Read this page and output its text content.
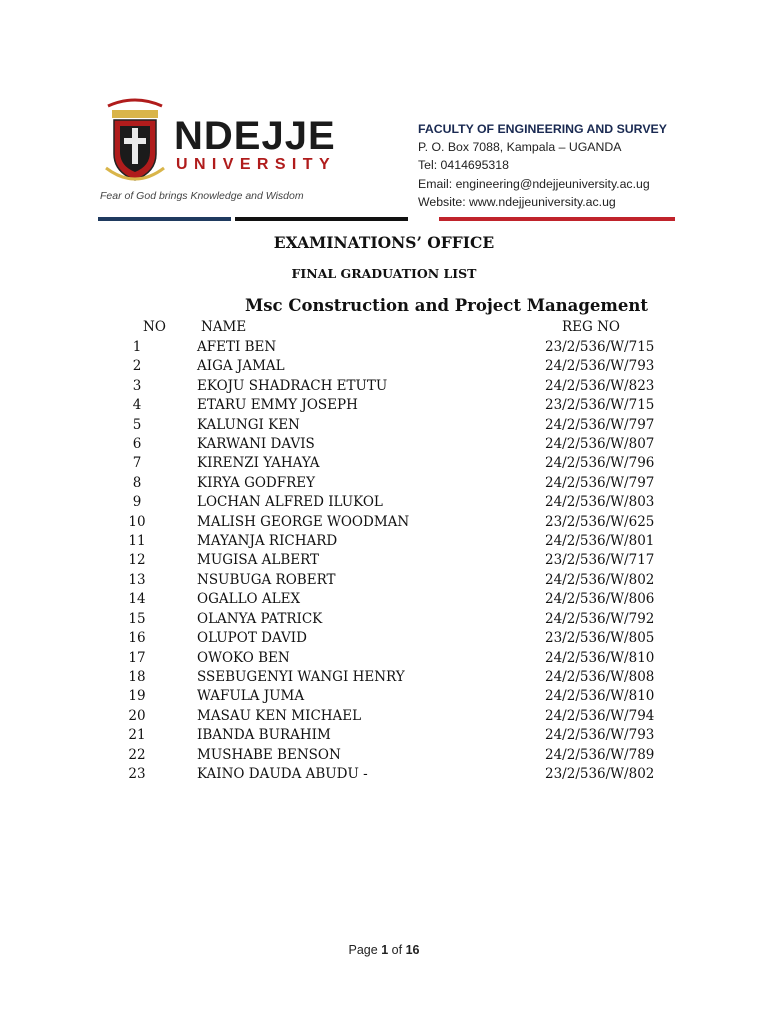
NDEJJE
UNIVERSITY
Fear of God brings Knowledge and Wisdom
FACULTY OF ENGINEERING AND SURVEY
P. O. Box 7088, Kampala – UGANDA
Tel: 0414695318
Email: engineering@ndejjeuniversity.ac.ug
Website: www.ndejjeuniversity.ac.ug
EXAMINATIONS’ OFFICE
FINAL GRADUATION LIST
Msc Construction and Project Management
NO	NAME	REG NO
1	AFETI BEN	23/2/536/W/715
2	AIGA JAMAL	24/2/536/W/793
3	EKOJU SHADRACH ETUTU	24/2/536/W/823
4	ETARU EMMY JOSEPH	23/2/536/W/715
5	KALUNGI KEN	24/2/536/W/797
6	KARWANI DAVIS	24/2/536/W/807
7	KIRENZI YAHAYA	24/2/536/W/796
8	KIRYA GODFREY	24/2/536/W/797
9	LOCHAN ALFRED ILUKOL	24/2/536/W/803
10	MALISH GEORGE WOODMAN	23/2/536/W/625
11	MAYANJA RICHARD	24/2/536/W/801
12	MUGISA ALBERT	23/2/536/W/717
13	NSUBUGA ROBERT	24/2/536/W/802
14	OGALLO ALEX	24/2/536/W/806
15	OLANYA PATRICK	24/2/536/W/792
16	OLUPOT DAVID	23/2/536/W/805
17	OWOKO BEN	24/2/536/W/810
18	SSEBUGENYI WANGI HENRY	24/2/536/W/808
19	WAFULA JUMA	24/2/536/W/810
20	MASAU KEN MICHAEL	24/2/536/W/794
21	IBANDA BURAHIM	24/2/536/W/793
22	MUSHABE BENSON	24/2/536/W/789
23	KAINO DAUDA ABUDU -	23/2/536/W/802
Page 1 of 16
